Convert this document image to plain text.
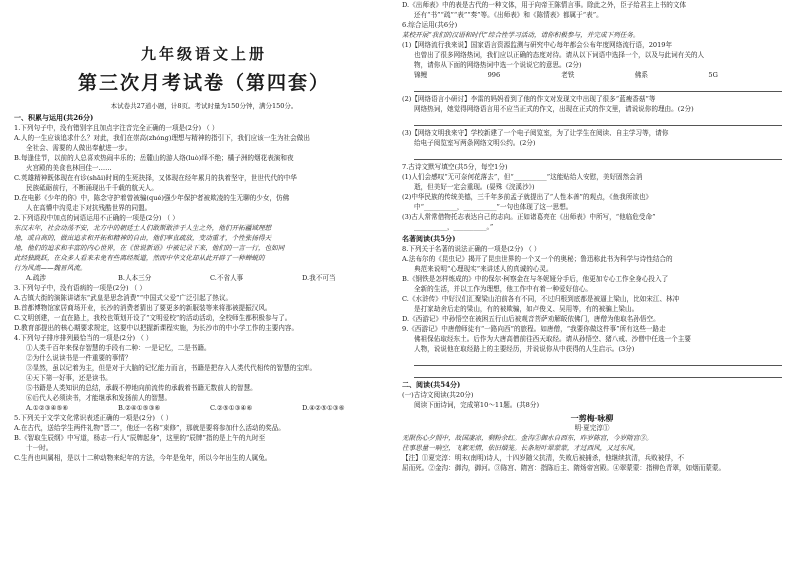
九年级语文上册
第三次月考试卷（第四套）
本试卷共27道小题，计8页。考试时量为150分钟，满分150分。
一、积累与运用(共26分)
1.下列句子中，没有错别字且加点字注音完全正确的一项是(2分) （ ）
A.人的一生应该追求什么？对此，我们在崇高(zhóng)理想与精神的指引下，我们应该一生为社会做出
全社会、需要的人做出奉献进一步。
B.每逢佳节，以前的人总喜欢热闹丰乐的；岳麓山的游人络(luò)绎不绝；橘子洲的烟花表演和夜
火宫殿的美食也林回佳一……
C.英雄精神既体现在有诊(shāi)时间的生死抉择，又体现在经年累月的执着坚守，世世代代的中华
民族砥砺前行，不断涌现出千千载的航天人。
D.在电影《少年的你》中，陈念守护着曾被骗(qué)强少年保护者被欺凌的生无聊的少女，仿佛
人在高懵中沟觅走下对抗残酷世界的同盟。
2.下列语段中加点的词语运用不正确的一项是(2分) （ ）
东汉末年，社会动荡不安，北方中的朝廷士人们敢斯敢涉于人生之外，他们开拓疆域理想
地，或自高的，做出追求和开拓和精神的自由，他们率直疏放，变动重才，个性张扬得天
地，他们的追求和丰富的内心世界，在《世说新语》中被记录下来，他们的一言一行，也如同
此经独跳跃，在众多人看来未免有些离经叛道，然而中华文化却从此开辟了一种蝉蜕的
行为风流——魏晋风流。
A.疏涉	B.人本三分	C.不省人事	D.我不可当
3.下列句子中，没有语病的一项是(2分) （ ）
A.古镇大街的演陈讲诸东“武皇是思念消费”“中国式父爱”广泛引起了热议。
B.首都博物馆家居商场开业，长沙的消费者猜出了要更多的新服装等来将那被提振汉风。
C.文明创建，一直在路上，我校也策划开设了“文明爱校”的活动活动，全校师生都积极参与了。
D.教育部提出的核心期要求规定，这要中以把握新课程实施，为长沙市的中小学工作的主要内容。
4.下列句子排序排列最恰当的一项是(2分) （ ）
①人类千百年来保存智慧的手段有二种：一是记忆，二是书籍。
②为什么说读书是一件重要的事情？
③显然，虽以记着为主，但是对于大脑的记忆能力而言，书籍是把存入人类代代相传的智慧的宝库。
④天下第一好事，还是读书。
⑤书籍是人类知识的总结，承载不停地向前流传的承载着书籍无数前人的智慧。
⑥后代人必须读书，才能继承和发扬前人的智慧。
A.①②③④⑤⑥	B.②④①⑤③⑥	C.②⑤①③④⑥	D.④②⑤①③⑥
5.下列关于文学文化常识表述正确的一项是(2分) （ ）
A.在古代，送给学生两件礼物“晋二”，他还一名称“束修”，那就是要将参加什么活动的奖品。
B.《智取生辰纲》中写道，杨志一行人“辰牌起身”，这里的“辰牌”指的是上午的九时至
十一时。
C.生肖也叫属相，是以十二种动物来纪年的方法，今年是兔年，所以今年出生的人属兔。
D.《出师表》中的表是古代的一种文体，用于向帝王陈情言事。除此之外，臣子给君主上书的文体
还有“书”“疏”“表”“奏”等。《出师表》和《陈情表》都属于“表”。
6.综合运用(共6分)
某校开展“我们的汉语和时代”综合性学习活动，请你积极参与，并完成下列任务。
(1)【网络流行我来说】国家语言资源监测与研究中心每年都会公布年度网络流行语，2019年
也曾出了很多网络热词，我们应以正确的态度对待。请从以下词语中选择一个，以及与此词有关的人
物，请你从下面的网络热词中选一个说说它的意思。(2分)
锦鲤	996	老铁	佛系	5G
(2)【网络语言小研讨】李雷的妈妈看到了他的作文对发现文中出现了很多“蓝瘦香菇”等
网络热词，她觉得网络语言用不应当正式的作文，出现在正式的作文里，请说说你的理由。(2分)
(3)【网络文明我来守】学校新建了一个电子阅览室，为了让学生在阅读、自主学习等，请你
给电子阅览室写两条网络文明公约。(2分)
7.古诗文默写填空(共5分，每空1分)
(1)人们会感叹“无可奈何花落去”，但“__________”这能贴给人安慰，美好固然会消
逝，但美好一定会重现。(晏殊《浣溪沙》)
(2)中华民族的传统美德，三千年多前孟子就提出了“人性本善”的观点，《鱼我所欲也》
中“__________，__________”一句也体现了这一思想。
(3)古人常常借物托志表达自己的志向。正如诸葛亮在《出师表》中所写，“他临危受命”
__________，__________。”
名著阅读(共5分)
8.下列关于名著的说法正确的一项是(2分) （ ）
A.法布尔的《昆虫记》揭开了昆虫世界的一个又一个的奥秘；鲁迅称此书为科学与诗性结合的
典范来说明“心理现实”来讲述人的真诚的心灵。
B.《钢铁是怎样炼成的》中的保尔·柯察金在与冬妮娅分手后，他更加专心工作全身心投入了
全新的生活，并以工作为理想，他工作中有着一种爱好信心。
C.《水浒传》中好汉们汇聚梁山泊前各有不同，不过归根到底都是被逼上梁山，比如宋江、林冲
是打家劫舍后走的梁山，有的被欺骗，如卢俊义、吴用等，有的被骗上梁山。
D.《西游记》中孙悟空在被困五行山后被观音菩萨劝解皈依佛门，唐僧为他取名孙悟空。
9.《西游记》中唐僧师徒有“一路向西”的旅程。如唐僧，“我要你做这件事”所有这些一路走
佛祖保佑取经东土。后作为大唐高僧前往西天取经。请从孙悟空、猪八戒、沙僧中任选一个主要
人物，说说他在取经路上的主要经历，并说说你从中获得的人生启示。(3分)
二、阅读(共54分)
(一)古诗文阅读(共20分)
阅读下面诗词，完成第10～11题。(共8分)
一剪梅·咏柳
明·夏完淳①
无限伤心夕照中，故国凄凉，剩粉余红。金沟②御水自西东，昨岁陈宫，今岁隋宫③。
往事思量一晌空，飞絮无情，依旧烟笼。长条短叶翠蒙蒙，才过西风，又过东风。
【注】①夏完淳：明末(南明)诗人，十四岁随父抗清，失败后被捕杀，他继续抗清，兵败被俘，不
屈而死。②金沟：御沟，御河。③陈宫、隋宫：指陈后主、隋炀帝宫殿。④翠蒙蒙：指柳色青翠，如烟而蒙蒙。
